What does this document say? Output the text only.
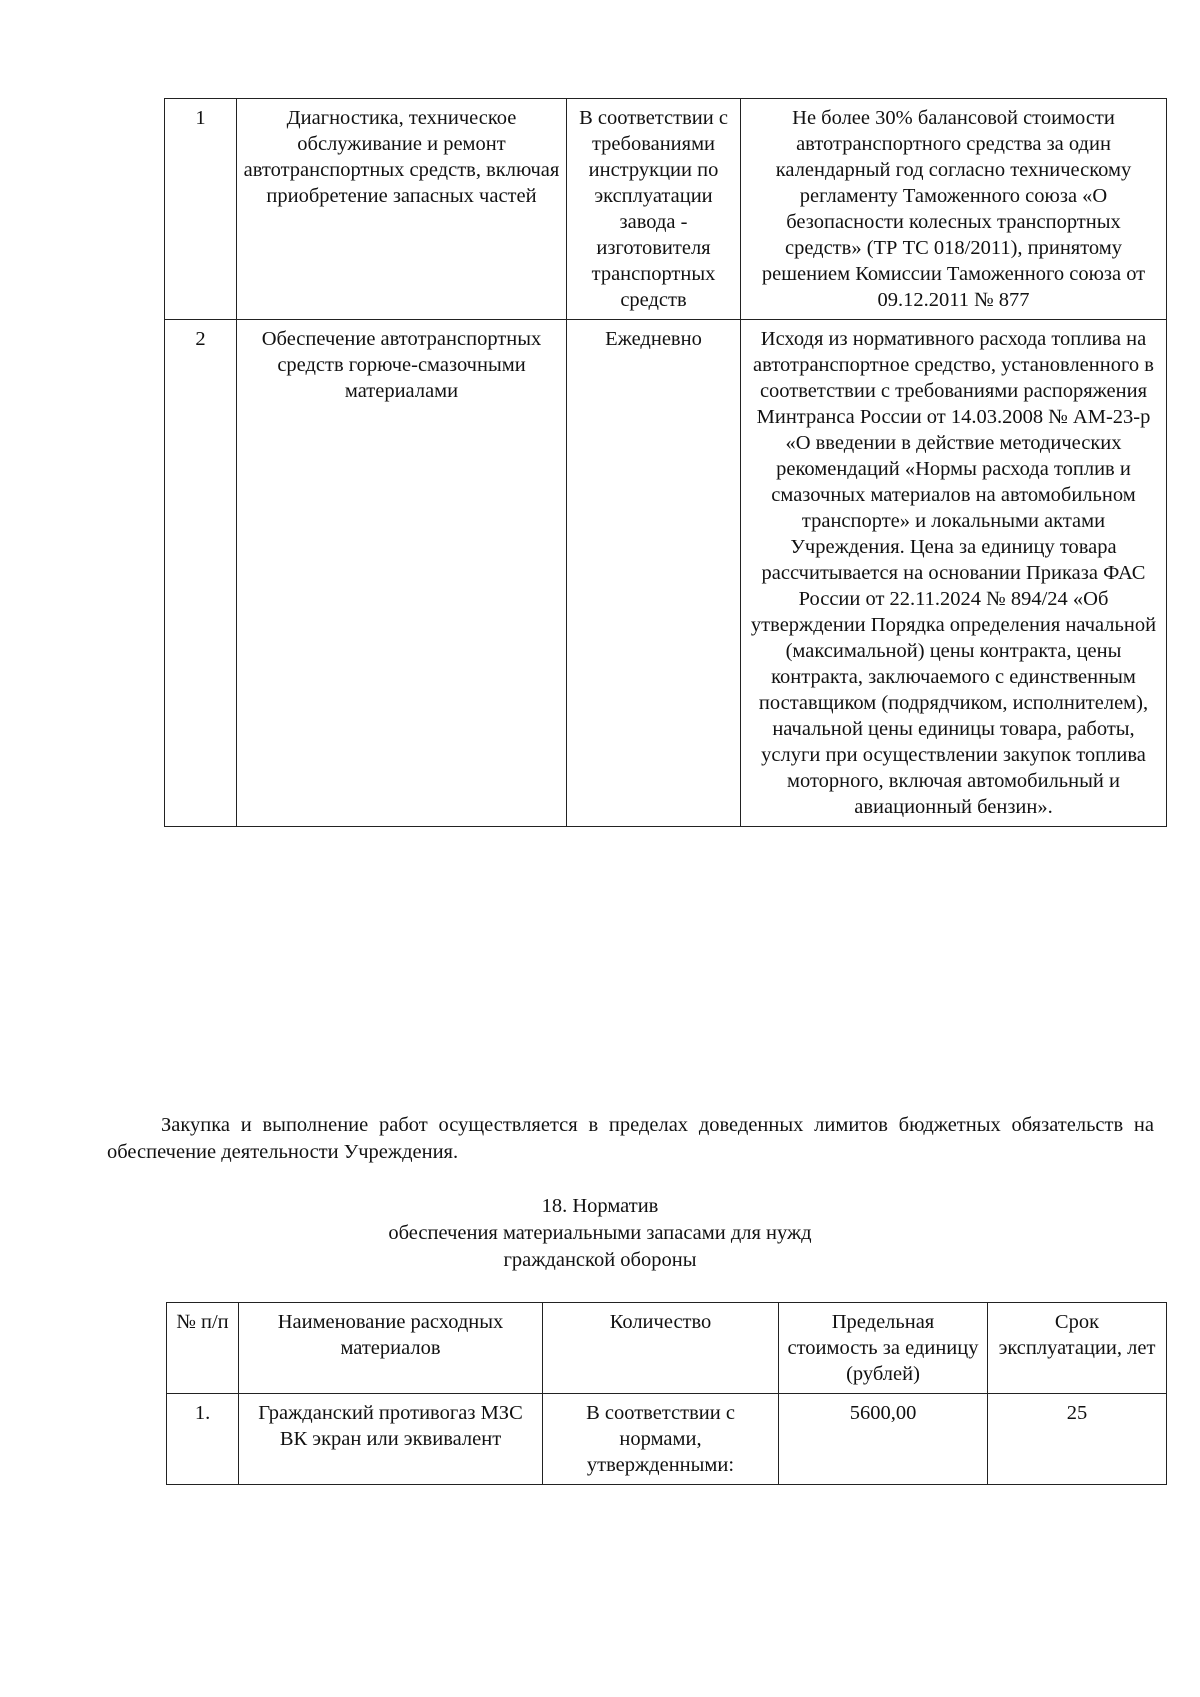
1	Диагностика, техническое обслуживание и ремонт автотранспортных средств, включая приобретение запасных частей	В соответствии с требованиями инструкции по эксплуатации завода - изготовителя транспортных средств	Не более 30% балансовой стоимости автотранспортного средства за один календарный год согласно техническому регламенту Таможенного союза «О безопасности колесных транспортных средств» (ТР ТС 018/2011), принятому решением Комиссии Таможенного союза от 09.12.2011 № 877
2	Обеспечение автотранспортных средств горюче-смазочными материалами	Ежедневно	Исходя из нормативного расхода топлива на автотранспортное средство, установленного в соответствии с требованиями распоряжения Минтранса России от 14.03.2008 № АМ-23-р «О введении в действие методических рекомендаций «Нормы расхода топлив и смазочных материалов на автомобильном транспорте» и локальными актами Учреждения. Цена за единицу товара рассчитывается на основании Приказа ФАС России от 22.11.2024 № 894/24 «Об утверждении Порядка определения начальной (максимальной) цены контракта, цены контракта, заключаемого с единственным поставщиком (подрядчиком, исполнителем), начальной цены единицы товара, работы, услуги при осуществлении закупок топлива моторного, включая автомобильный и авиационный бензин».

Закупка и выполнение работ осуществляется в пределах доведенных лимитов бюджетных обязательств на обеспечение деятельности Учреждения.

18. Норматив
обеспечения материальными запасами для нужд
гражданской обороны
№ п/п	Наименование расходных материалов	Количество	Предельная стоимость за единицу (рублей)	Срок эксплуатации, лет
1.	Гражданский противогаз МЗС ВК экран или эквивалент	В соответствии с нормами, утвержденными:	5600,00	25
